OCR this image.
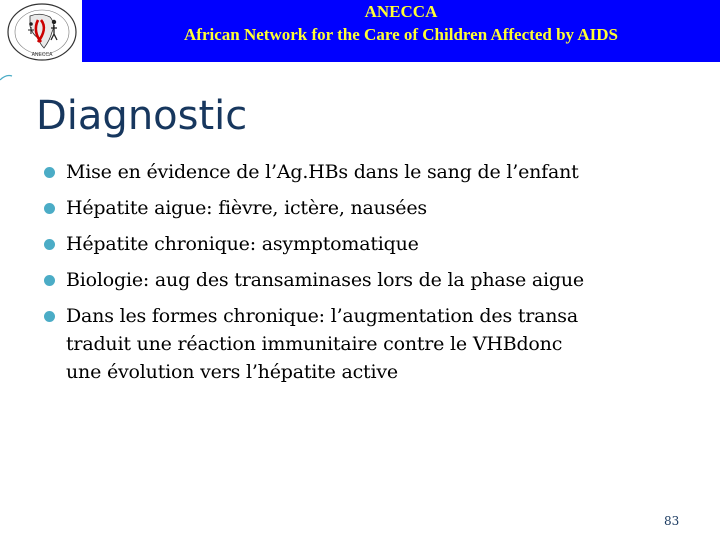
ANECCA
ANECCA
African Network for the Care of Children Affected by AIDS
Diagnostic
Mise en évidence de l’Ag.HBs dans le sang de l’enfant
Hépatite aigue: fièvre, ictère, nausées
Hépatite chronique: asymptomatique
Biologie: aug des transaminases lors de la phase aigue
Dans les formes chronique: l’augmentation des transa
traduit une réaction immunitaire contre le VHBdonc
une évolution vers l’hépatite active
83
